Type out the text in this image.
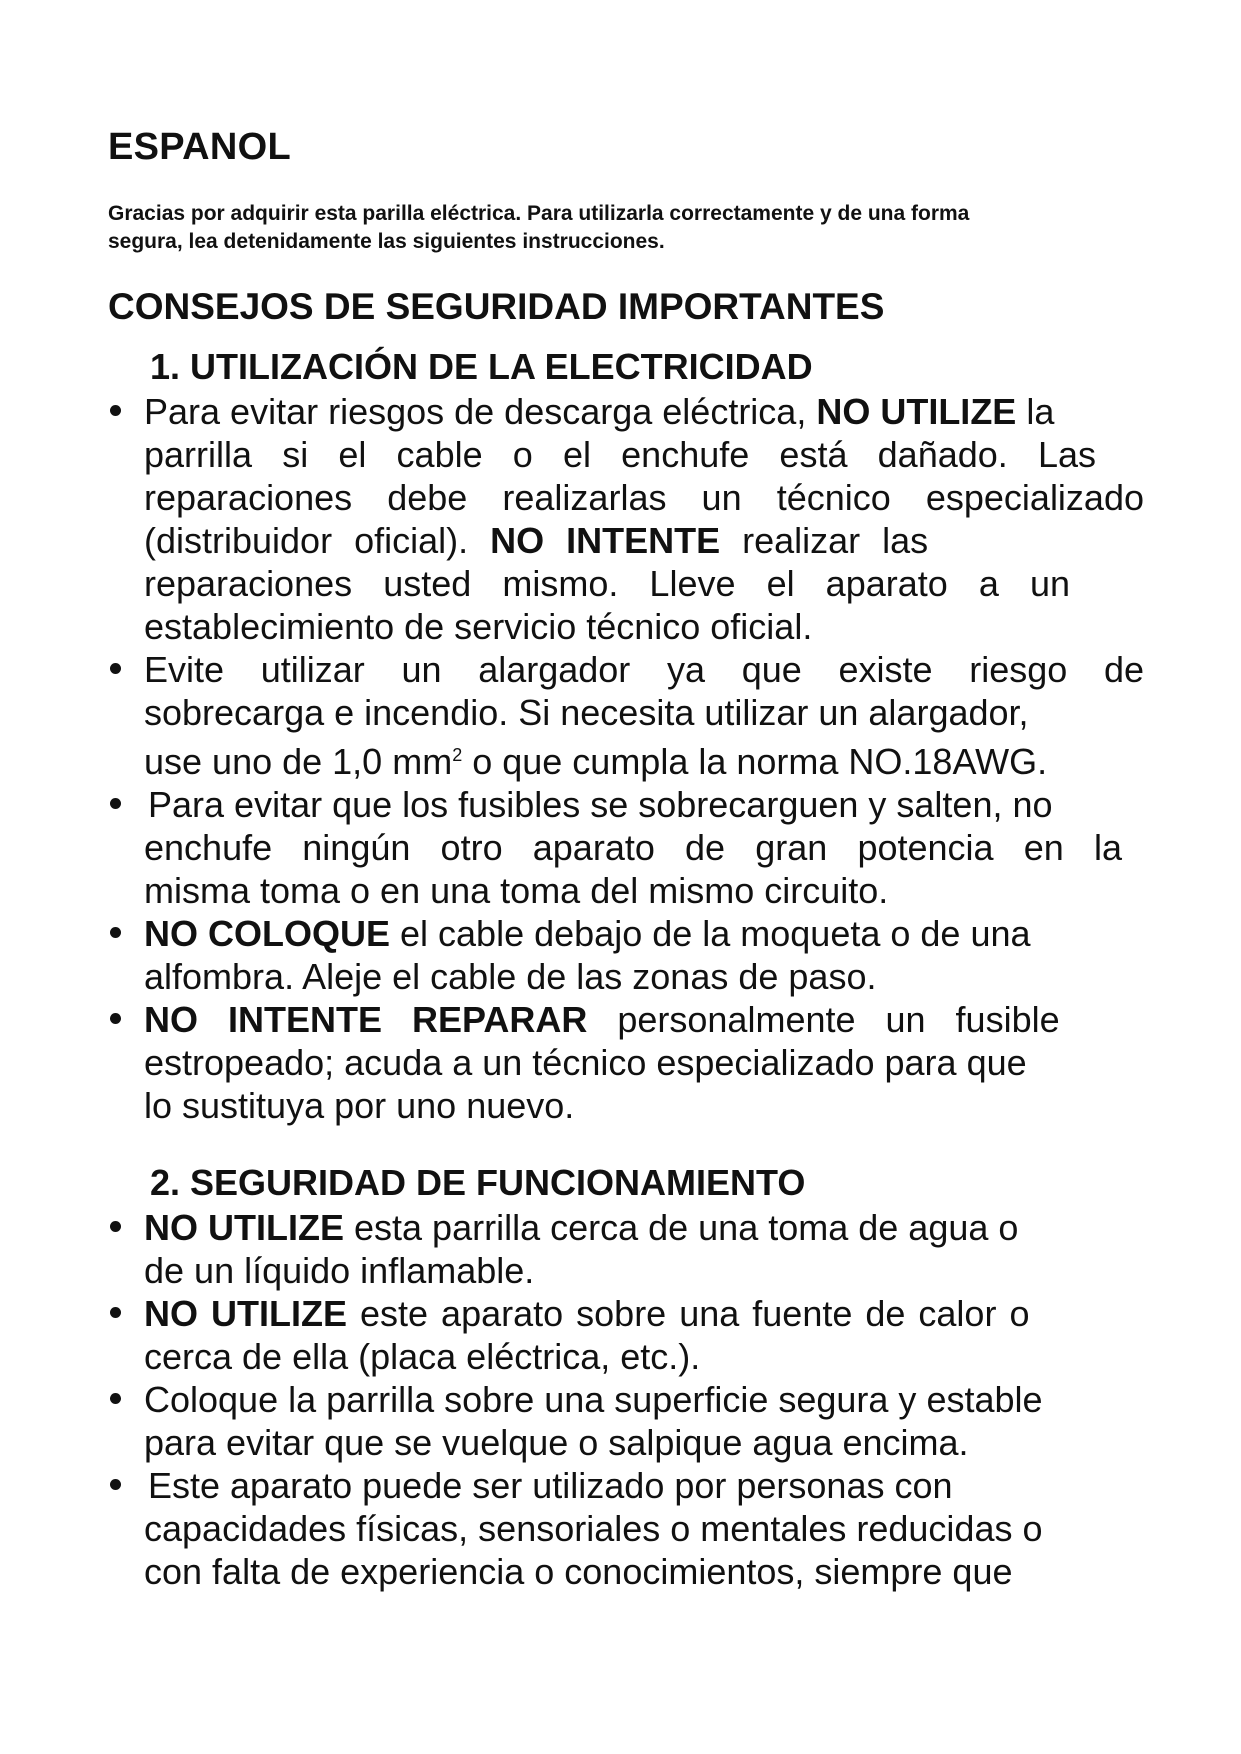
ESPANOL

Gracias por adquirir esta parilla eléctrica. Para utilizarla correctamente y de una forma
segura, lea detenidamente las siguientes instrucciones.

CONSEJOS DE SEGURIDAD IMPORTANTES
1. UTILIZACIÓN DE LA ELECTRICIDAD
Para evitar riesgos de descarga eléctrica, NO UTILIZE la
parrilla si el cable o el enchufe está dañado. Las
reparaciones debe realizarlas un técnico especializado
(distribuidor oficial). NO INTENTE realizar las
reparaciones usted mismo. Lleve el aparato a un
establecimiento de servicio técnico oficial.
Evite utilizar un alargador ya que existe riesgo de
sobrecarga e incendio. Si necesita utilizar un alargador,
use uno de 1,0 $mm^2$ o que cumpla la norma NO.18AWG.
Para evitar que los fusibles se sobrecarguen y salten, no
enchufe ningún otro aparato de gran potencia en la
misma toma o en una toma del mismo circuito.
NO COLOQUE el cable debajo de la moqueta o de una
alfombra. Aleje el cable de las zonas de paso.
NO INTENTE REPARAR personalmente un fusible
estropeado; acuda a un técnico especializado para que
lo sustituya por uno nuevo.
2. SEGURIDAD DE FUNCIONAMIENTO
NO UTILIZE esta parrilla cerca de una toma de agua o
de un líquido inflamable.
NO UTILIZE este aparato sobre una fuente de calor o
cerca de ella (placa eléctrica, etc.).
Coloque la parrilla sobre una superficie segura y estable
para evitar que se vuelque o salpique agua encima.
Este aparato puede ser utilizado por personas con
capacidades físicas, sensoriales o mentales reducidas o
con falta de experiencia o conocimientos, siempre que
